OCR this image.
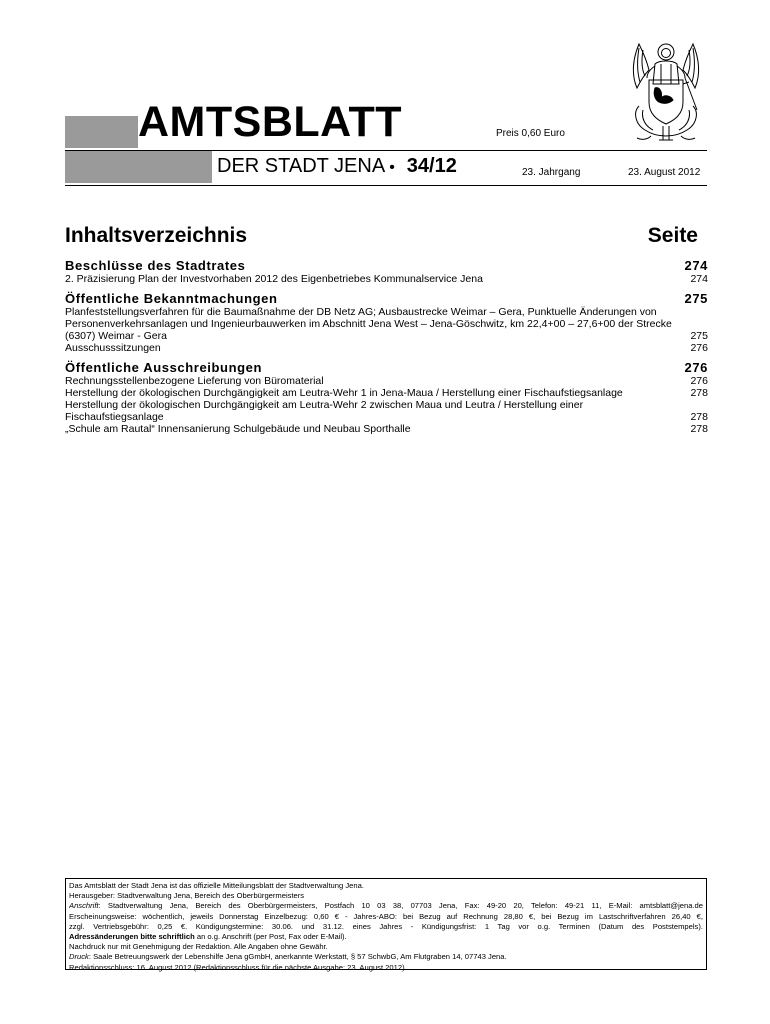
AMTSBLATT	Preis 0,60 Euro
DER STADT JENA • 34/12	23. Jahrgang	23. August 2012
Inhaltsverzeichnis	Seite
Beschlüsse des Stadtrates	274
2. Präzisierung Plan der Investvorhaben 2012 des Eigenbetriebes Kommunalservice Jena	274
Öffentliche Bekanntmachungen	275
Planfeststellungsverfahren für die Baumaßnahme der DB Netz AG; Ausbaustrecke Weimar – Gera, Punktuelle Änderungen von Personenverkehrsanlagen und Ingenieurbauwerken im Abschnitt Jena West – Jena-Göschwitz, km 22,4+00 – 27,6+00 der Strecke (6307) Weimar - Gera	275
Ausschusssitzungen	276
Öffentliche Ausschreibungen	276
Rechnungsstellenbezogene Lieferung von Büromaterial	276
Herstellung der ökologischen Durchgängigkeit am Leutra-Wehr 1 in Jena-Maua / Herstellung einer Fischaufstiegsanlage	278
Herstellung der ökologischen Durchgängigkeit am Leutra-Wehr 2 zwischen Maua und Leutra / Herstellung einer Fischaufstiegsanlage	278
„Schule am Rautal“ Innensanierung Schulgebäude und Neubau Sporthalle	278
Das Amtsblatt der Stadt Jena ist das offizielle Mitteilungsblatt der Stadtverwaltung Jena.
Herausgeber: Stadtverwaltung Jena, Bereich des Oberbürgermeisters
Anschrift: Stadtverwaltung Jena, Bereich des Oberbürgermeisters, Postfach 10 03 38, 07703 Jena, Fax: 49-20 20, Telefon: 49-21 11, E-Mail: amtsblatt@jena.de
Erscheinungsweise: wöchentlich, jeweils Donnerstag Einzelbezug: 0,60 € - Jahres-ABO: bei Bezug auf Rechnung 28,80 €, bei Bezug im Lastschriftverfahren 26,40 €,
zzgl. Vertriebsgebühr: 0,25 €. Kündigungstermine: 30.06. und 31.12. eines Jahres - Kündigungsfrist: 1 Tag vor o.g. Terminen (Datum des Poststempels).
Adressänderungen bitte schriftlich an o.g. Anschrift (per Post, Fax oder E-Mail).
Nachdruck nur mit Genehmigung der Redaktion. Alle Angaben ohne Gewähr.
Druck: Saale Betreuungswerk der Lebenshilfe Jena gGmbH, anerkannte Werkstatt, § 57 SchwbG, Am Flutgraben 14, 07743 Jena.
Redaktionsschluss: 16. August 2012 (Redaktionsschluss für die nächste Ausgabe: 23. August 2012)
